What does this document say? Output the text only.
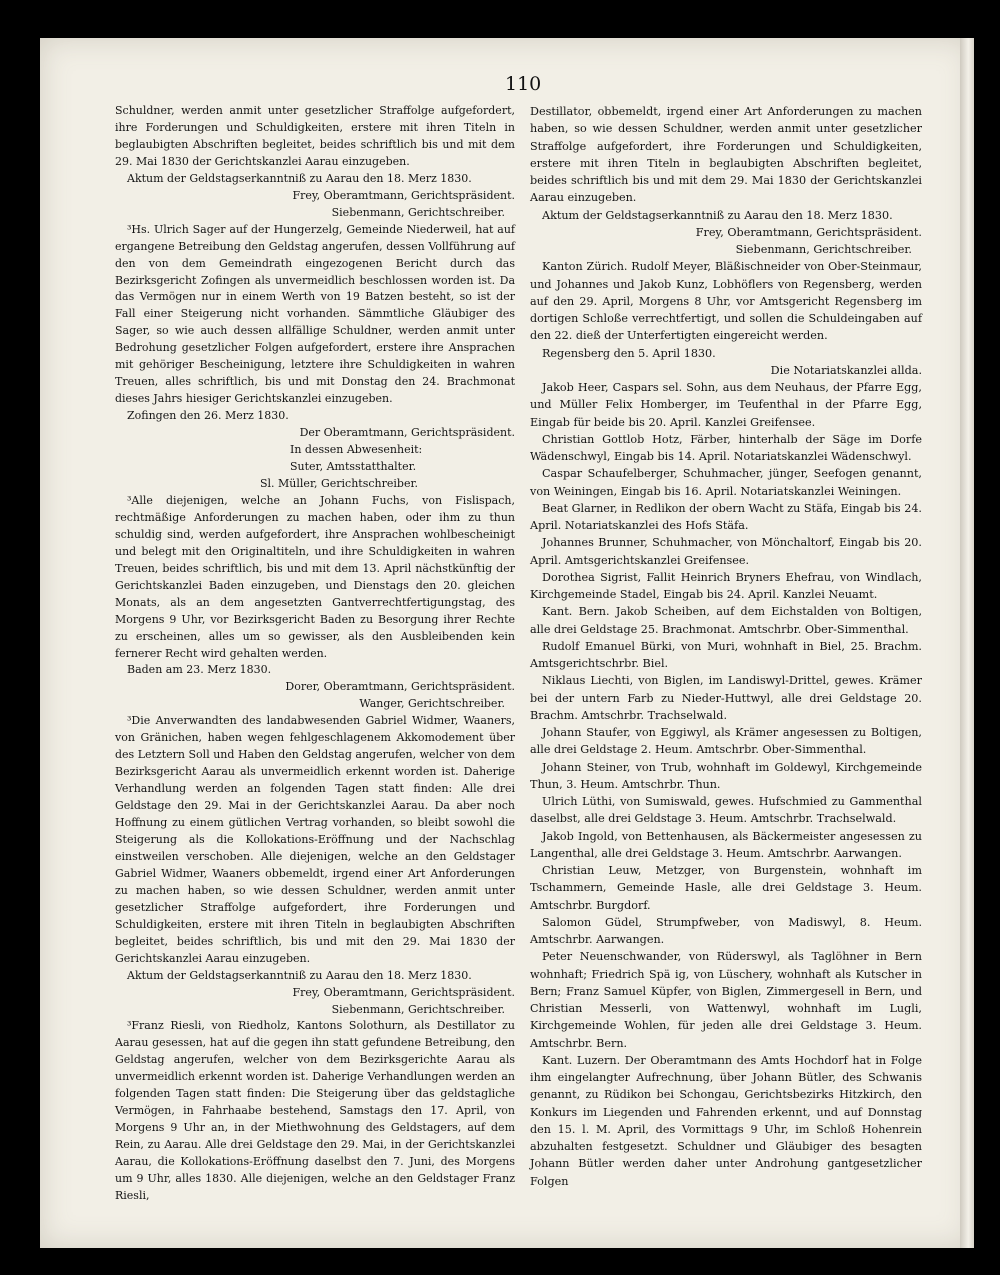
110

Schuldner, werden anmit unter gesetzlicher Straffolge aufgefordert, ihre Forderungen und Schuldigkeiten, erstere mit ihren Titeln in beglaubigten Abschriften begleitet, beides schriftlich bis und mit dem 29. Mai 1830 der Gerichtskanzlei Aarau einzugeben.

Aktum der Geldstagserkanntniß zu Aarau den 18. Merz 1830.

Frey, Oberamtmann, Gerichtspräsident.

Siebenmann, Gerichtschreiber.

³Hs. Ulrich Sager auf der Hungerzelg, Gemeinde Niederweil, hat auf ergangene Betreibung den Geldstag angerufen, dessen Vollführung auf den von dem Gemeindrath eingezogenen Bericht durch das Bezirksgericht Zofingen als unvermeidlich beschlossen worden ist. Da das Vermögen nur in einem Werth von 19 Batzen besteht, so ist der Fall einer Steigerung nicht vorhanden. Sämmtliche Gläubiger des Sager, so wie auch dessen allfällige Schuldner, werden anmit unter Bedrohung gesetzlicher Folgen aufgefordert, erstere ihre Ansprachen mit gehöriger Bescheinigung, letztere ihre Schuldigkeiten in wahren Treuen, alles schriftlich, bis und mit Donstag den 24. Brachmonat dieses Jahrs hiesiger Gerichtskanzlei einzugeben.

Zofingen den 26. Merz 1830.

Der Oberamtmann, Gerichtspräsident.

In dessen Abwesenheit:

Suter, Amtsstatthalter.

Sl. Müller, Gerichtschreiber.

³Alle diejenigen, welche an Johann Fuchs, von Fislispach, rechtmäßige Anforderungen zu machen haben, oder ihm zu thun schuldig sind, werden aufgefordert, ihre Ansprachen wohlbescheinigt und belegt mit den Originaltiteln, und ihre Schuldigkeiten in wahren Treuen, beides schriftlich, bis und mit dem 13. April nächstkünftig der Gerichtskanzlei Baden einzugeben, und Dienstags den 20. gleichen Monats, als an dem angesetzten Gantverrechtfertigungstag, des Morgens 9 Uhr, vor Bezirksgericht Baden zu Besorgung ihrer Rechte zu erscheinen, alles um so gewisser, als den Ausbleibenden kein fernerer Recht wird gehalten werden.

Baden am 23. Merz 1830.

Dorer, Oberamtmann, Gerichtspräsident.

Wanger, Gerichtschreiber.

³Die Anverwandten des landabwesenden Gabriel Widmer, Waaners, von Gränichen, haben wegen fehlgeschlagenem Akkomodement über des Letztern Soll und Haben den Geldstag angerufen, welcher von dem Bezirksgericht Aarau als unvermeidlich erkennt worden ist. Daherige Verhandlung werden an folgenden Tagen statt finden: Alle drei Geldstage den 29. Mai in der Gerichtskanzlei Aarau. Da aber noch Hoffnung zu einem gütlichen Vertrag vorhanden, so bleibt sowohl die Steigerung als die Kollokations-Eröffnung und der Nachschlag einstweilen verschoben. Alle diejenigen, welche an den Geldstager Gabriel Widmer, Waaners obbemeldt, irgend einer Art Anforderungen zu machen haben, so wie dessen Schuldner, werden anmit unter gesetzlicher Straffolge aufgefordert, ihre Forderungen und Schuldigkeiten, erstere mit ihren Titeln in beglaubigten Abschriften begleitet, beides schriftlich, bis und mit den 29. Mai 1830 der Gerichtskanzlei Aarau einzugeben.

Aktum der Geldstagserkanntniß zu Aarau den 18. Merz 1830.

Frey, Oberamtmann, Gerichtspräsident.

Siebenmann, Gerichtschreiber.

³Franz Riesli, von Riedholz, Kantons Solothurn, als Destillator zu Aarau gesessen, hat auf die gegen ihn statt gefundene Betreibung, den Geldstag angerufen, welcher von dem Bezirksgerichte Aarau als unvermeidlich erkennt worden ist. Daherige Verhandlungen werden an folgenden Tagen statt finden: Die Steigerung über das geldstagliche Vermögen, in Fahrhaabe bestehend, Samstags den 17. April, von Morgens 9 Uhr an, in der Miethwohnung des Geldstagers, auf dem Rein, zu Aarau. Alle drei Geldstage den 29. Mai, in der Gerichtskanzlei Aarau, die Kollokations-Eröffnung daselbst den 7. Juni, des Morgens um 9 Uhr, alles 1830. Alle diejenigen, welche an den Geldstager Franz Riesli,

Destillator, obbemeldt, irgend einer Art Anforderungen zu machen haben, so wie dessen Schuldner, werden anmit unter gesetzlicher Straffolge aufgefordert, ihre Forderungen und Schuldigkeiten, erstere mit ihren Titeln in beglaubigten Abschriften begleitet, beides schriftlich bis und mit dem 29. Mai 1830 der Gerichtskanzlei Aarau einzugeben.

Aktum der Geldstagserkanntniß zu Aarau den 18. Merz 1830.

Frey, Oberamtmann, Gerichtspräsident.

Siebenmann, Gerichtschreiber.

Kanton Zürich. Rudolf Meyer, Bläßischneider von Ober-Steinmaur, und Johannes und Jakob Kunz, Lobhöflers von Regensberg, werden auf den 29. April, Morgens 8 Uhr, vor Amtsgericht Regensberg im dortigen Schloße verrechtfertigt, und sollen die Schuldeingaben auf den 22. dieß der Unterfertigten eingereicht werden.

Regensberg den 5. April 1830.

Die Notariatskanzlei allda.

Jakob Heer, Caspars sel. Sohn, aus dem Neuhaus, der Pfarre Egg, und Müller Felix Homberger, im Teufenthal in der Pfarre Egg, Eingab für beide bis 20. April. Kanzlei Greifensee.

Christian Gottlob Hotz, Färber, hinterhalb der Säge im Dorfe Wädenschwyl, Eingab bis 14. April. Notariatskanzlei Wädenschwyl.

Caspar Schaufelberger, Schuhmacher, jünger, Seefogen genannt, von Weiningen, Eingab bis 16. April. Notariatskanzlei Weiningen.

Beat Glarner, in Redlikon der obern Wacht zu Stäfa, Eingab bis 24. April. Notariatskanzlei des Hofs Stäfa.

Johannes Brunner, Schuhmacher, von Mönchaltorf, Eingab bis 20. April. Amtsgerichtskanzlei Greifensee.

Dorothea Sigrist, Fallit Heinrich Bryners Ehefrau, von Windlach, Kirchgemeinde Stadel, Eingab bis 24. April. Kanzlei Neuamt.

Kant. Bern. Jakob Scheiben, auf dem Eichstalden von Boltigen, alle drei Geldstage 25. Brachmonat. Amtschrbr. Ober-Simmenthal.

Rudolf Emanuel Bürki, von Muri, wohnhaft in Biel, 25. Brachm. Amtsgerichtschrbr. Biel.

Niklaus Liechti, von Biglen, im Landiswyl-Drittel, gewes. Krämer bei der untern Farb zu Nieder-Huttwyl, alle drei Geldstage 20. Brachm. Amtschrbr. Trachselwald.

Johann Staufer, von Eggiwyl, als Krämer angesessen zu Boltigen, alle drei Geldstage 2. Heum. Amtschrbr. Ober-Simmenthal.

Johann Steiner, von Trub, wohnhaft im Goldewyl, Kirchgemeinde Thun, 3. Heum. Amtschrbr. Thun.

Ulrich Lüthi, von Sumiswald, gewes. Hufschmied zu Gammenthal daselbst, alle drei Geldstage 3. Heum. Amtschrbr. Trachselwald.

Jakob Ingold, von Bettenhausen, als Bäckermeister angesessen zu Langenthal, alle drei Geldstage 3. Heum. Amtschrbr. Aarwangen.

Christian Leuw, Metzger, von Burgenstein, wohnhaft im Tschammern, Gemeinde Hasle, alle drei Geldstage 3. Heum. Amtschrbr. Burgdorf.

Salomon Güdel, Strumpfweber, von Madiswyl, 8. Heum. Amtschrbr. Aarwangen.

Peter Neuenschwander, von Rüderswyl, als Taglöhner in Bern wohnhaft; Friedrich Spä ig, von Lüschery, wohnhaft als Kutscher in Bern; Franz Samuel Küpfer, von Biglen, Zimmergesell in Bern, und Christian Messerli, von Wattenwyl, wohnhaft im Lugli, Kirchgemeinde Wohlen, für jeden alle drei Geldstage 3. Heum. Amtschrbr. Bern.

Kant. Luzern. Der Oberamtmann des Amts Hochdorf hat in Folge ihm eingelangter Aufrechnung, über Johann Bütler, des Schwanis genannt, zu Rüdikon bei Schongau, Gerichtsbezirks Hitzkirch, den Konkurs im Liegenden und Fahrenden erkennt, und auf Donnstag den 15. l. M. April, des Vormittags 9 Uhr, im Schloß Hohenrein abzuhalten festgesetzt. Schuldner und Gläubiger des besagten Johann Bütler werden daher unter Androhung gantgesetzlicher Folgen
